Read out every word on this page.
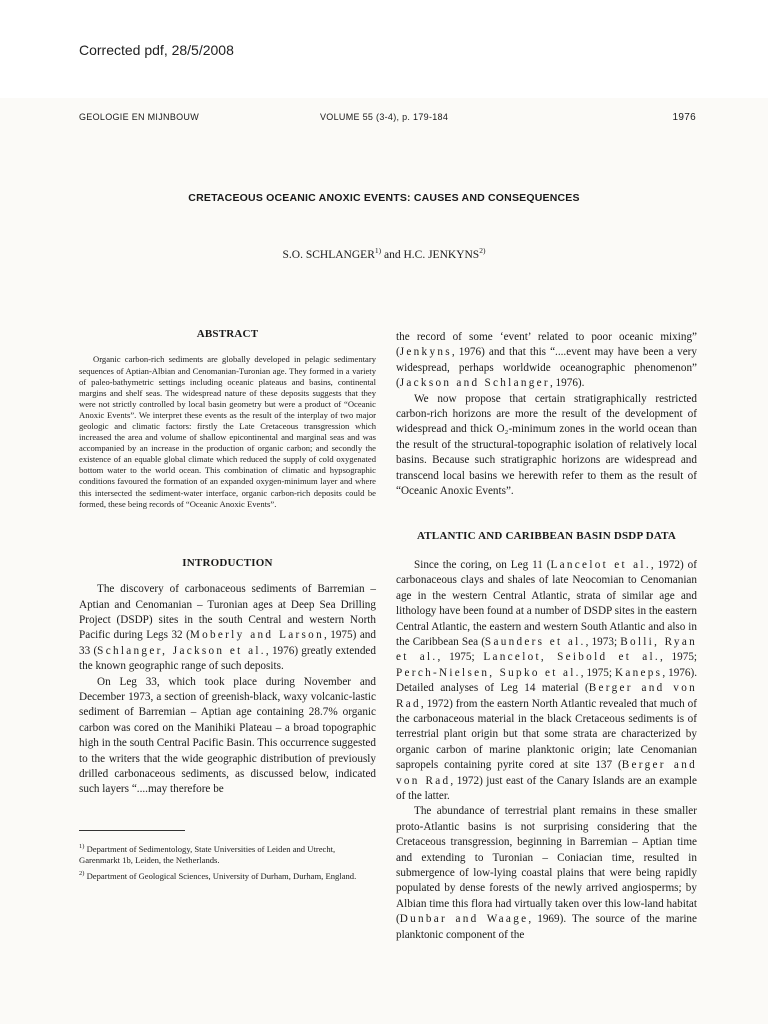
Corrected pdf, 28/5/2008
GEOLOGIE EN MIJNBOUW	VOLUME 55 (3-4), p. 179-184	1976
CRETACEOUS OCEANIC ANOXIC EVENTS: CAUSES AND CONSEQUENCES
S.O. SCHLANGER$^{1)}$ and H.C. JENKYNS$^{2)}$
ABSTRACT

Organic carbon-rich sediments are globally developed in pelagic sedimentary sequences of Aptian-Albian and Cenomanian-Turonian age. They formed in a variety of paleo-bathymetric settings including oceanic plateaus and basins, continental margins and shelf seas. The widespread nature of these deposits suggests that they were not strictly controlled by local basin geometry but were a product of “Oceanic Anoxic Events”. We interpret these events as the result of the interplay of two major geologic and climatic factors: firstly the Late Cretaceous transgression which increased the area and volume of shallow epicontinental and marginal seas and was accompanied by an increase in the production of organic carbon; and secondly the existence of an equable global climate which reduced the supply of cold oxygenated bottom water to the world ocean. This combination of climatic and hypsographic conditions favoured the formation of an expanded oxygen-minimum layer and where this intersected the sediment-water interface, organic carbon-rich deposits could be formed, these being records of “Oceanic Anoxic Events”.

INTRODUCTION

The discovery of carbonaceous sediments of Barremian – Aptian and Cenomanian – Turonian ages at Deep Sea Drilling Project (DSDP) sites in the south Central and western North Pacific during Legs 32 (Moberly and Larson, 1975) and 33 (Schlanger, Jackson et al., 1976) greatly extended the known geographic range of such deposits.

On Leg 33, which took place during November and December 1973, a section of greenish-black, waxy volcanic-lastic sediment of Barremian – Aptian age containing 28.7% organic carbon was cored on the Manihiki Plateau – a broad topographic high in the south Central Pacific Basin. This occurrence suggested to the writers that the wide geographic distribution of previously drilled carbonaceous sediments, as discussed below, indicated such layers “....may therefore be

$^{1)}$ Department of Sedimentology, State Universities of Leiden and Utrecht, Garenmarkt 1b, Leiden, the Netherlands.

$^{2)}$ Department of Geological Sciences, University of Durham, Durham, England.

the record of some ‘event’ related to poor oceanic mixing” (Jenkyns, 1976) and that this “....event may have been a very widespread, perhaps worldwide oceanographic phenomenon” (Jackson and Schlanger, 1976).

We now propose that certain stratigraphically restricted carbon-rich horizons are more the result of the development of widespread and thick O₂-minimum zones in the world ocean than the result of the structural-topographic isolation of relatively local basins. Because such stratigraphic horizons are widespread and transcend local basins we herewith refer to them as the result of “Oceanic Anoxic Events”.

ATLANTIC AND CARIBBEAN BASIN DSDP DATA

Since the coring, on Leg 11 (Lancelot et al., 1972) of carbonaceous clays and shales of late Neocomian to Cenomanian age in the western Central Atlantic, strata of similar age and lithology have been found at a number of DSDP sites in the eastern Central Atlantic, the eastern and western South Atlantic and also in the Caribbean Sea (Saunders et al., 1973; Bolli, Ryan et al., 1975; Lancelot, Seibold et al., 1975; Perch-Nielsen, Supko et al., 1975; Kaneps, 1976). Detailed analyses of Leg 14 material (Berger and von Rad, 1972) from the eastern North Atlantic revealed that much of the carbonaceous material in the black Cretaceous sediments is of terrestrial plant origin but that some strata are characterized by organic carbon of marine planktonic origin; late Cenomanian sapropels containing pyrite cored at site 137 (Berger and von Rad, 1972) just east of the Canary Islands are an example of the latter.

The abundance of terrestrial plant remains in these smaller proto-Atlantic basins is not surprising considering that the Cretaceous transgression, beginning in Barremian – Aptian time and extending to Turonian – Coniacian time, resulted in submergence of low-lying coastal plains that were being rapidly populated by dense forests of the newly arrived angiosperms; by Albian time this flora had virtually taken over this low-land habitat (Dunbar and Waage, 1969). The source of the marine planktonic component of the
